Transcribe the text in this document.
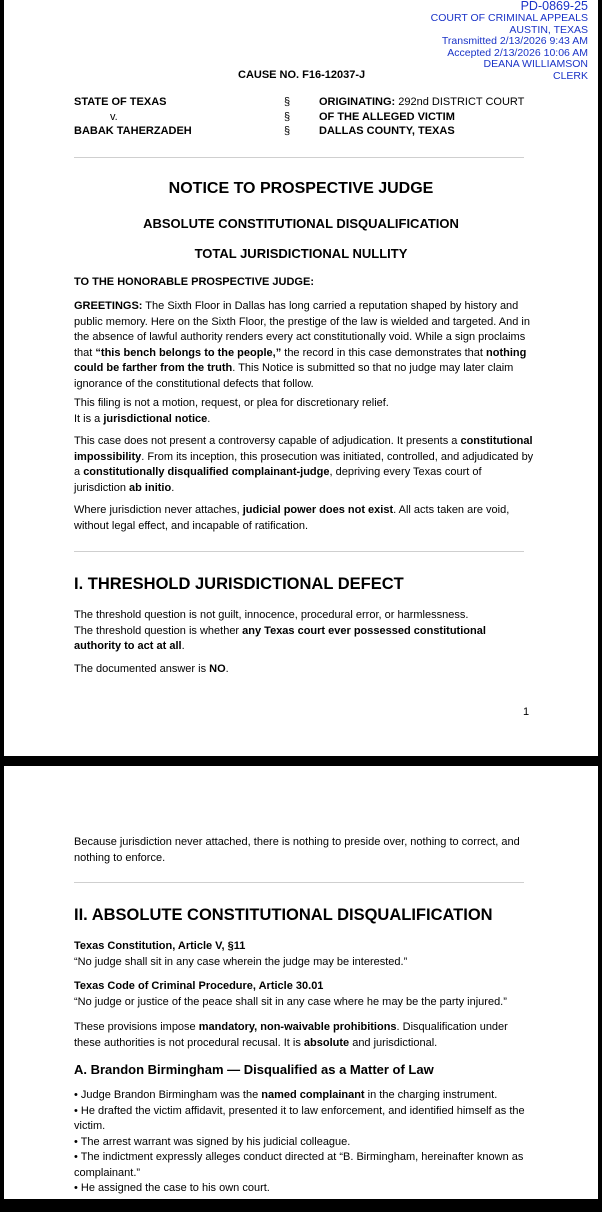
PD-0869-25
COURT OF CRIMINAL APPEALS
AUSTIN, TEXAS
Transmitted 2/13/2026 9:43 AM
Accepted 2/13/2026 10:06 AM
DEANA WILLIAMSON
CLERK
CAUSE NO. F16-12037-J
STATE OF TEXAS
v.
BABAK TAHERZADEH
§
§
§
ORIGINATING: 292nd DISTRICT COURT
OF THE ALLEGED VICTIM
DALLAS COUNTY, TEXAS
NOTICE TO PROSPECTIVE JUDGE
ABSOLUTE CONSTITUTIONAL DISQUALIFICATION
TOTAL JURISDICTIONAL NULLITY
TO THE HONORABLE PROSPECTIVE JUDGE:
GREETINGS: The Sixth Floor in Dallas has long carried a reputation shaped by history and public memory. Here on the Sixth Floor, the prestige of the law is wielded and targeted. And in the absence of lawful authority renders every act constitutionally void. While a sign proclaims that “this bench belongs to the people,” the record in this case demonstrates that nothing could be farther from the truth. This Notice is submitted so that no judge may later claim ignorance of the constitutional defects that follow.
This filing is not a motion, request, or plea for discretionary relief.
It is a jurisdictional notice.
This case does not present a controversy capable of adjudication. It presents a constitutional impossibility. From its inception, this prosecution was initiated, controlled, and adjudicated by a constitutionally disqualified complainant-judge, depriving every Texas court of jurisdiction ab initio.
Where jurisdiction never attaches, judicial power does not exist. All acts taken are void, without legal effect, and incapable of ratification.
I. THRESHOLD JURISDICTIONAL DEFECT
The threshold question is not guilt, innocence, procedural error, or harmlessness.
The threshold question is whether any Texas court ever possessed constitutional authority to act at all.
The documented answer is NO.
1
Because jurisdiction never attached, there is nothing to preside over, nothing to correct, and nothing to enforce.
II. ABSOLUTE CONSTITUTIONAL DISQUALIFICATION
Texas Constitution, Article V, §11
“No judge shall sit in any case wherein the judge may be interested.”
Texas Code of Criminal Procedure, Article 30.01
“No judge or justice of the peace shall sit in any case where he may be the party injured.”
These provisions impose mandatory, non-waivable prohibitions. Disqualification under these authorities is not procedural recusal. It is absolute and jurisdictional.
A. Brandon Birmingham — Disqualified as a Matter of Law
• Judge Brandon Birmingham was the named complainant in the charging instrument.
• He drafted the victim affidavit, presented it to law enforcement, and identified himself as the victim.
• The arrest warrant was signed by his judicial colleague.
• The indictment expressly alleges conduct directed at “B. Birmingham, hereinafter known as complainant.”
• He assigned the case to his own court.
• He issued emergency and lifetime protective orders while the defendant was undergoing
